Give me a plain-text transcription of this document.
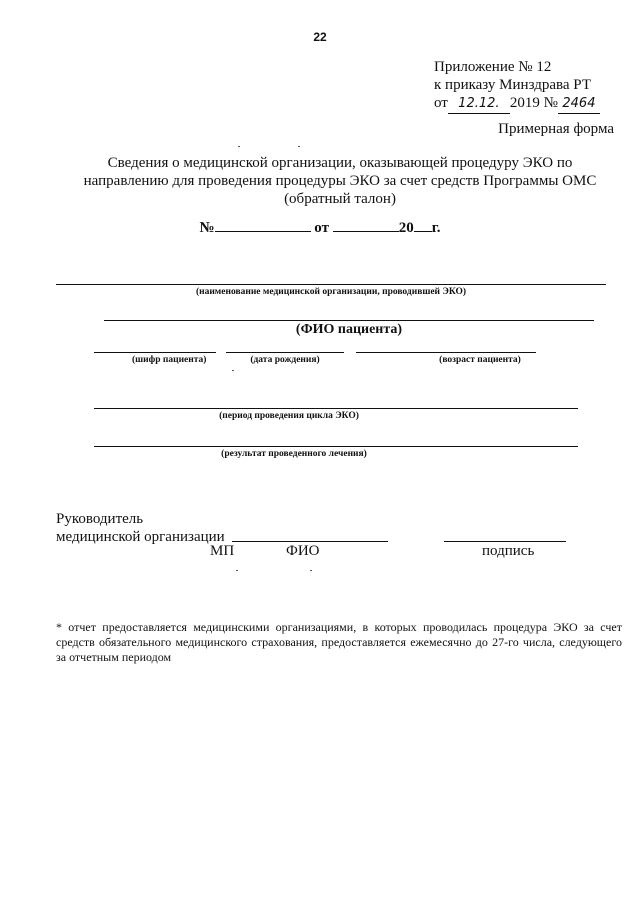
22
Приложение № 12
к приказу Минздрава РТ
от 12.12. 2019 № 2464
Примерная форма
Сведения о медицинской организации, оказывающей процедуру ЭКО по
направлению для проведения процедуры ЭКО за счет средств Программы ОМС
(обратный талон)
№	от	20 г.
(наименование медицинской организации, проводившей ЭКО)
(ФИО пациента)
(шифр пациента)	(дата рождения)	(возраст пациента)
(период проведения цикла ЭКО)
(результат проведенного лечения)
Руководитель
медицинской организации
МП	ФИО	подпись
* отчет предоставляется медицинскими организациями, в которых проводилась процедура ЭКО за счет средств обязательного медицинского страхования, предоставляется ежемесячно до 27-го числа, следующего за отчетным периодом
